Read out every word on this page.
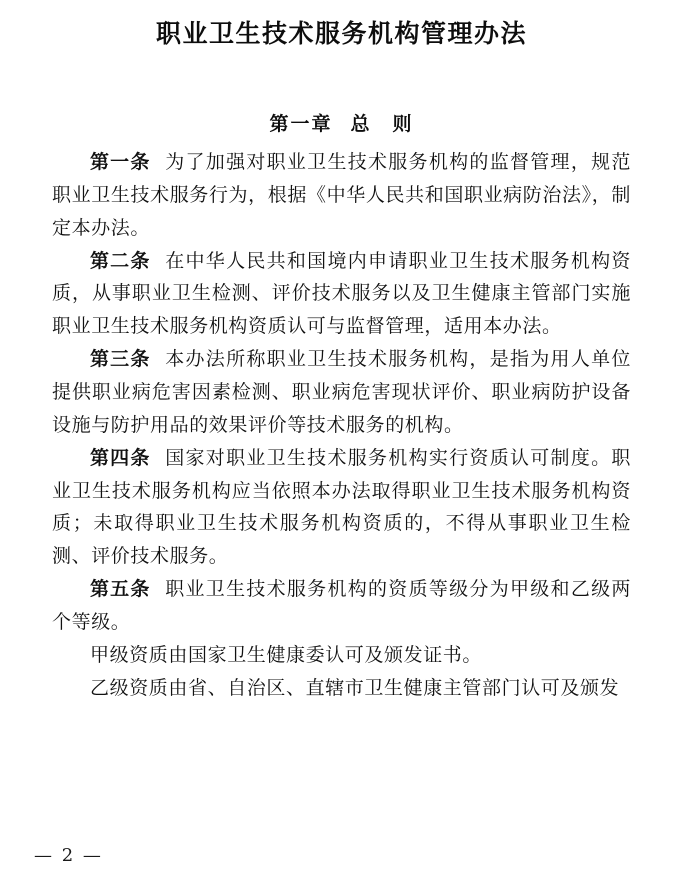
职业卫生技术服务机构管理办法
第一章 总　则

第一条 为了加强对职业卫生技术服务机构的监督管理，规范职业卫生技术服务行为，根据《中华人民共和国职业病防治法》，制定本办法。

第二条 在中华人民共和国境内申请职业卫生技术服务机构资质，从事职业卫生检测、评价技术服务以及卫生健康主管部门实施职业卫生技术服务机构资质认可与监督管理，适用本办法。

第三条 本办法所称职业卫生技术服务机构，是指为用人单位提供职业病危害因素检测、职业病危害现状评价、职业病防护设备设施与防护用品的效果评价等技术服务的机构。

第四条 国家对职业卫生技术服务机构实行资质认可制度。职业卫生技术服务机构应当依照本办法取得职业卫生技术服务机构资质；未取得职业卫生技术服务机构资质的，不得从事职业卫生检测、评价技术服务。

第五条 职业卫生技术服务机构的资质等级分为甲级和乙级两个等级。

甲级资质由国家卫生健康委认可及颁发证书。

乙级资质由省、自治区、直辖市卫生健康主管部门认可及颁发

— 2 —
